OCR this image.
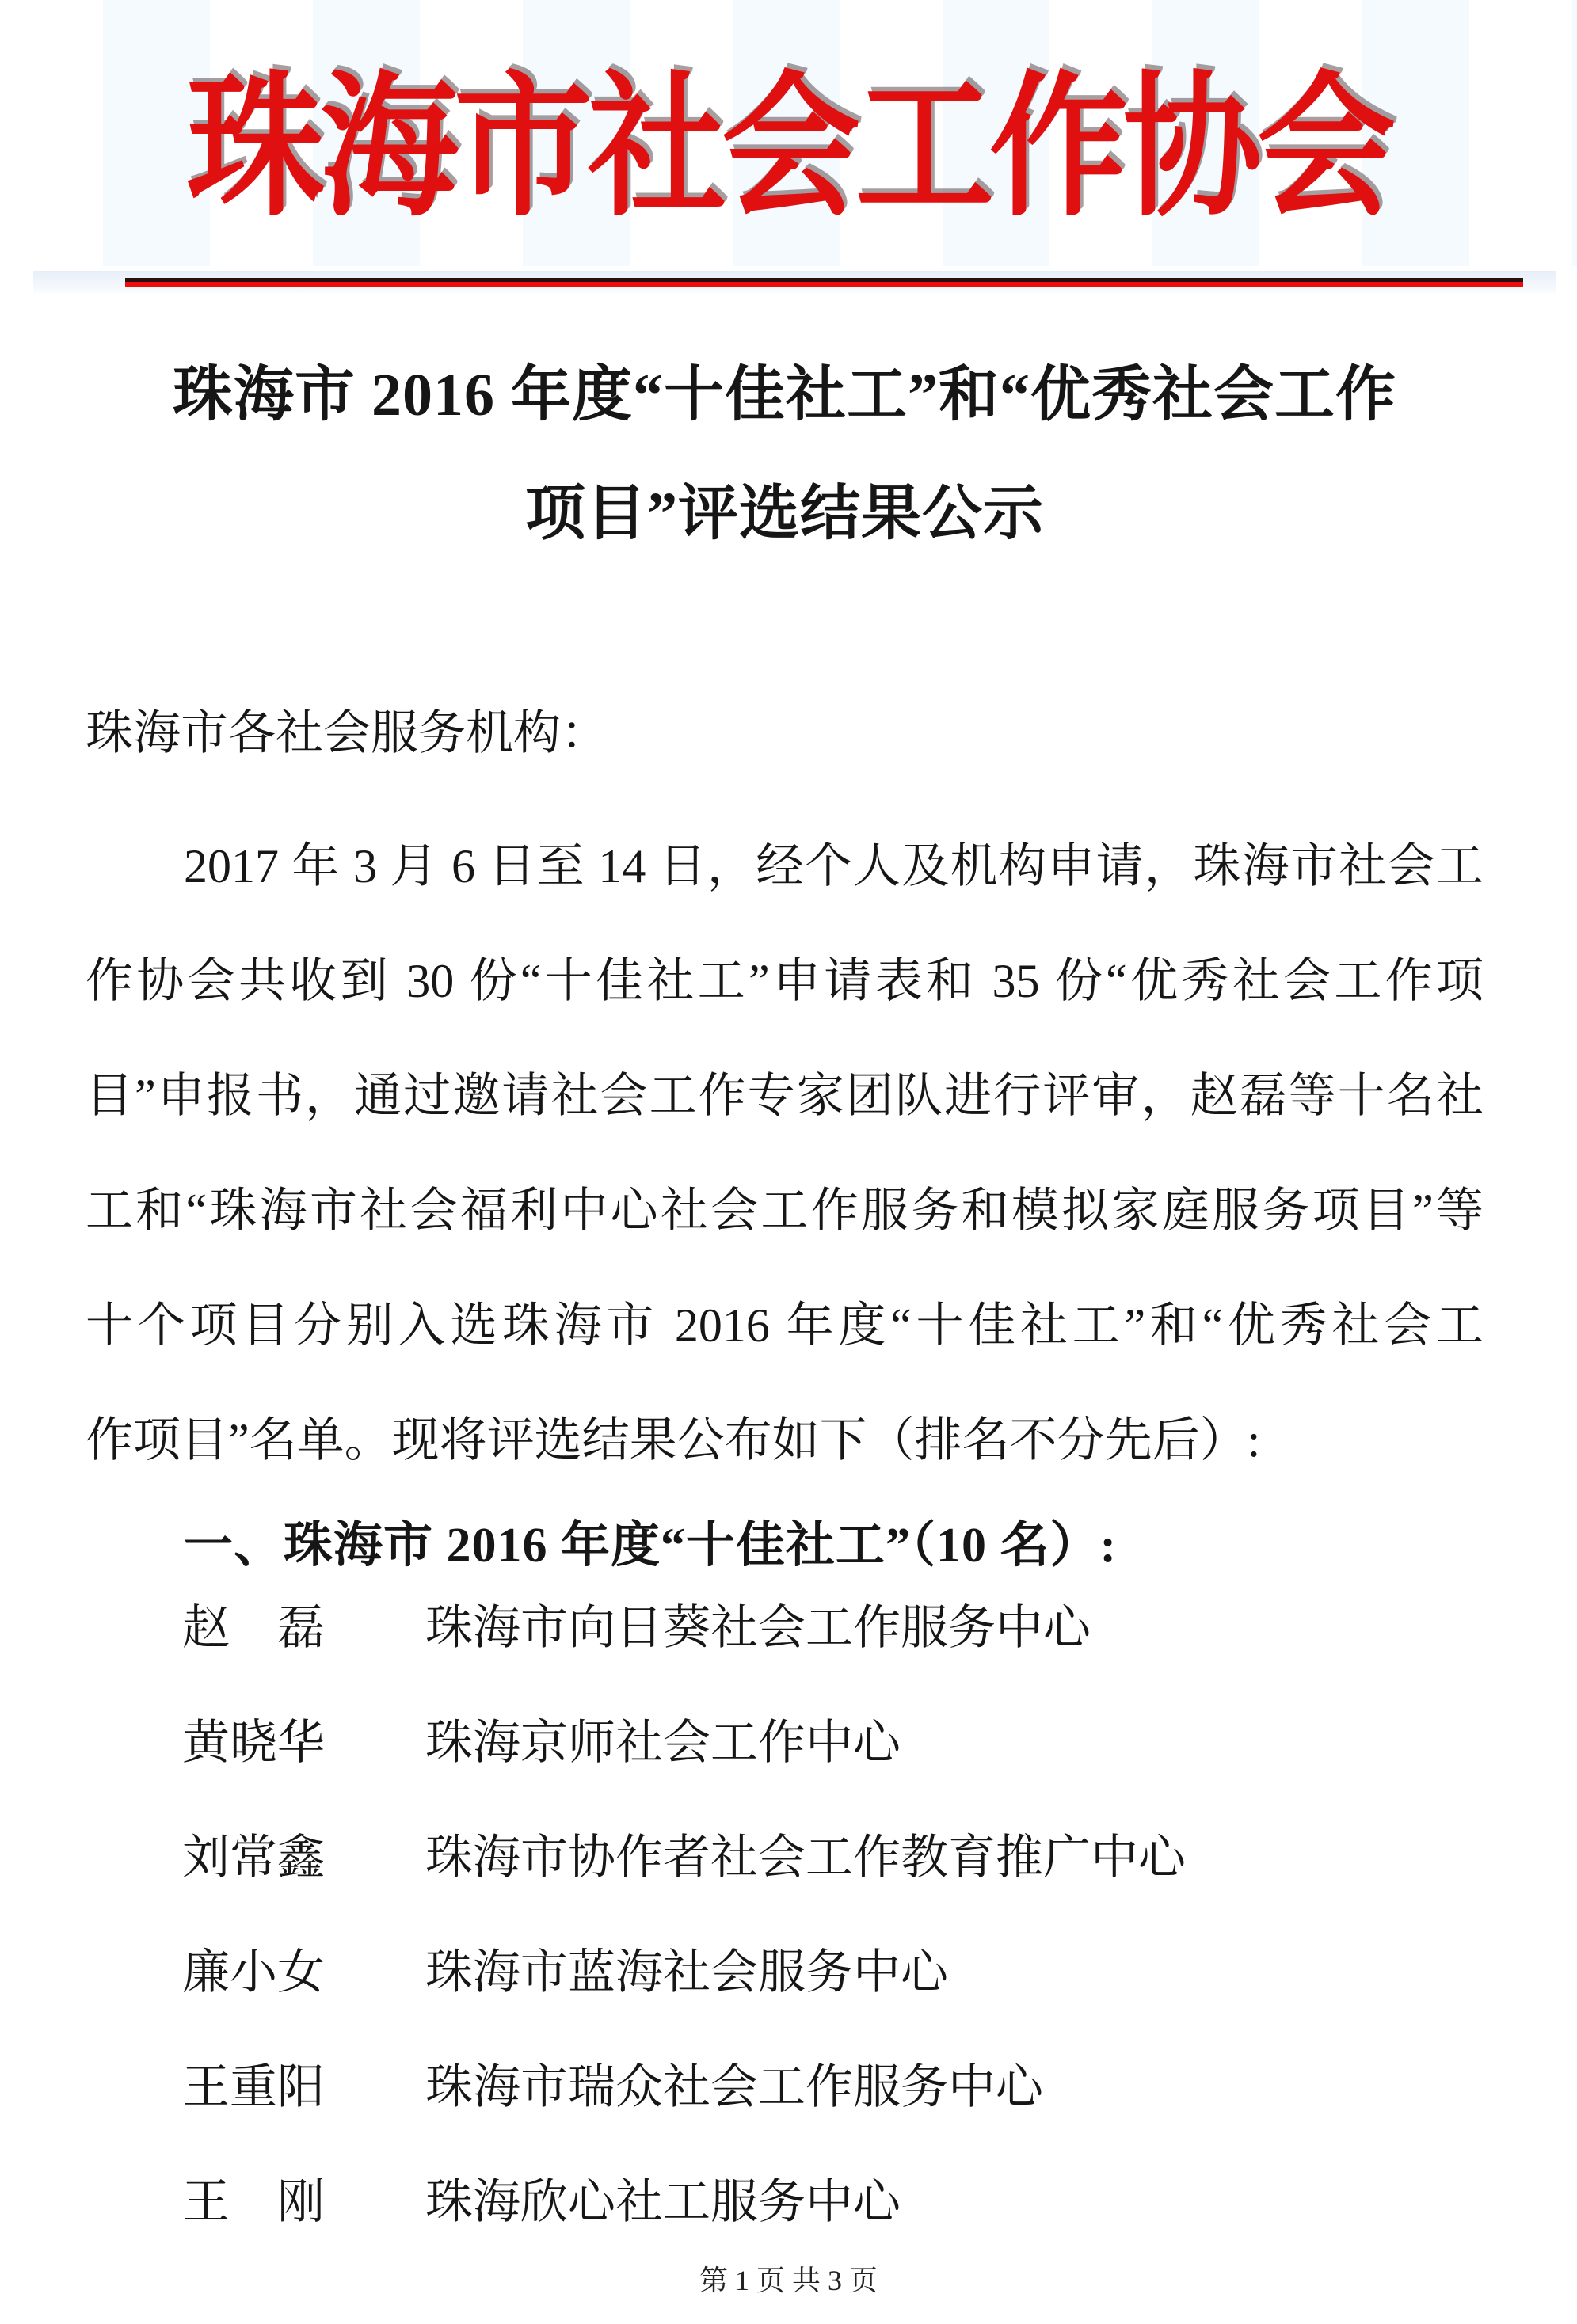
珠海市社会工作协会
珠海市 2016 年度“十佳社工”和“优秀社会工作
项目”评选结果公示
珠海市各社会服务机构：
2017 年 3 月 6 日至 14 日，经个人及机构申请，珠海市社会工
作协会共收到 30 份“十佳社工”申请表和 35 份“优秀社会工作项
目”申报书，通过邀请社会工作专家团队进行评审，赵磊等十名社
工和“珠海市社会福利中心社会工作服务和模拟家庭服务项目”等
十个项目分别入选珠海市 2016 年度“十佳社工”和“优秀社会工
作项目”名单。现将评选结果公布如下（排名不分先后）:
一、珠海市 2016 年度“十佳社工”（10 名）:
赵　磊 珠海市向日葵社会工作服务中心
黄晓华 珠海京师社会工作中心
刘常鑫 珠海市协作者社会工作教育推广中心
廉小女 珠海市蓝海社会服务中心
王重阳 珠海市瑞众社会工作服务中心
王　刚 珠海欣心社工服务中心
第 1 页 共 3 页
